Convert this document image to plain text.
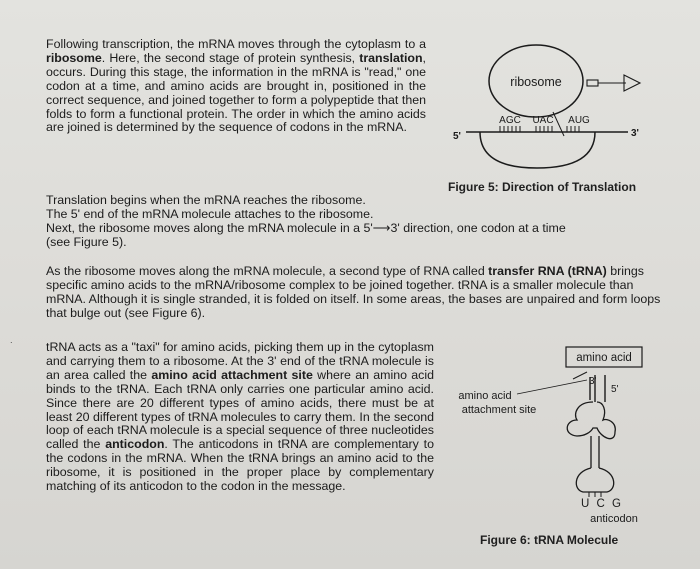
Following transcription, the mRNA moves through the cytoplasm to a ribosome. Here, the second stage of protein synthesis, translation, occurs. During this stage, the information in the mRNA is "read," one codon at a time, and amino acids are brought in, positioned in the correct sequence, and joined together to form a polypeptide that then folds to form a functional protein. The order in which the amino acids are joined is determined by the sequence of codons in the mRNA.
ribosome
AGC UAC AUG
5'	3'
Figure 5: Direction of Translation
Translation begins when the mRNA reaches the ribosome.
The 5' end of the mRNA molecule attaches to the ribosome.
Next, the ribosome moves along the mRNA molecule in a 5'⟶3' direction, one codon at a time
(see Figure 5).
As the ribosome moves along the mRNA molecule, a second type of RNA called transfer RNA (tRNA) brings specific amino acids to the mRNA/ribosome complex to be joined together. tRNA is a smaller molecule than mRNA. Although it is single stranded, it is folded on itself. In some areas, the bases are unpaired and form loops that bulge out (see Figure 6).
˙	tRNA acts as a "taxi" for amino acids, picking them up in the cytoplasm and carrying them to a ribosome. At the 3' end of the tRNA molecule is an area called the amino acid attachment site where an amino acid binds to the tRNA. Each tRNA only carries one particular amino acid. Since there are 20 different types of amino acids, there must be at least 20 different types of tRNA molecules to carry them. In the second loop of each tRNA molecule is a special sequence of three nucleotides called the anticodon. The anticodons in tRNA are complementary to the codons in the mRNA. When the tRNA brings an amino acid to the ribosome, it is positioned in the proper place by complementary matching of its anticodon to the codon in the message.
amino acid
3'
5'
amino acid
attachment site
U C G
anticodon
Figure 6: tRNA Molecule
